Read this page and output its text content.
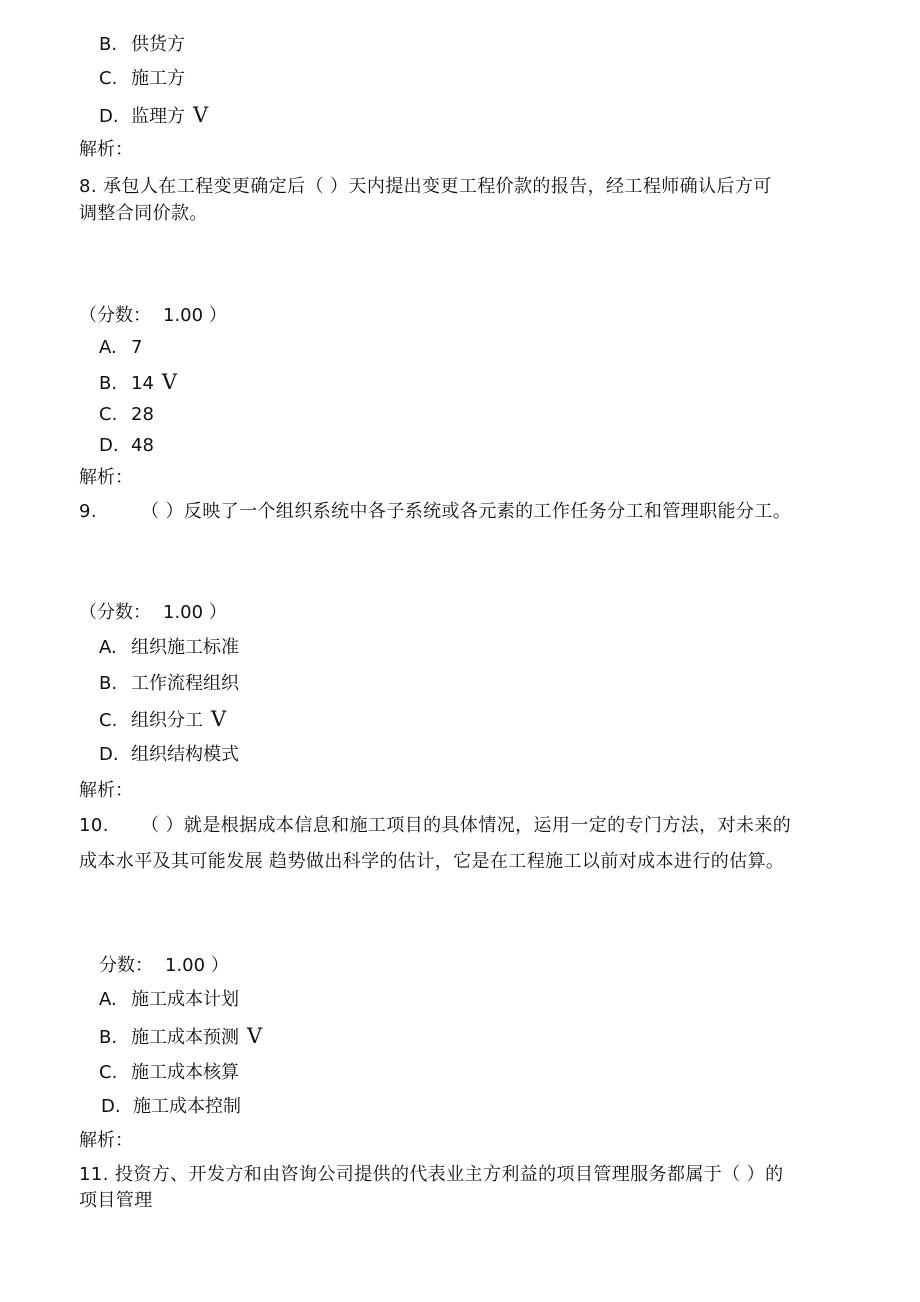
B. 供货方
C. 施工方
D. 监理方 V
解析：
8. 承包人在工程变更确定后（ ）天内提出变更工程价款的报告，经工程师确认后方可
调整合同价款。
（分数： 1.00 ）
A. 7
B. 14 V
C. 28
D. 48
解析：
9. （ ）反映了一个组织系统中各子系统或各元素的工作任务分工和管理职能分工。
（分数： 1.00 ）
A. 组织施工标准
B. 工作流程组织
C. 组织分工 V
D. 组织结构模式
解析：
10. （ ）就是根据成本信息和施工项目的具体情况，运用一定的专门方法，对未来的
成本水平及其可能发展 趋势做出科学的估计，它是在工程施工以前对成本进行的估算。
分数： 1.00 ）
A. 施工成本计划
B. 施工成本预测 V
C. 施工成本核算
D. 施工成本控制
解析：
11. 投资方、开发方和由咨询公司提供的代表业主方利益的项目管理服务都属于（ ）的
项目管理
